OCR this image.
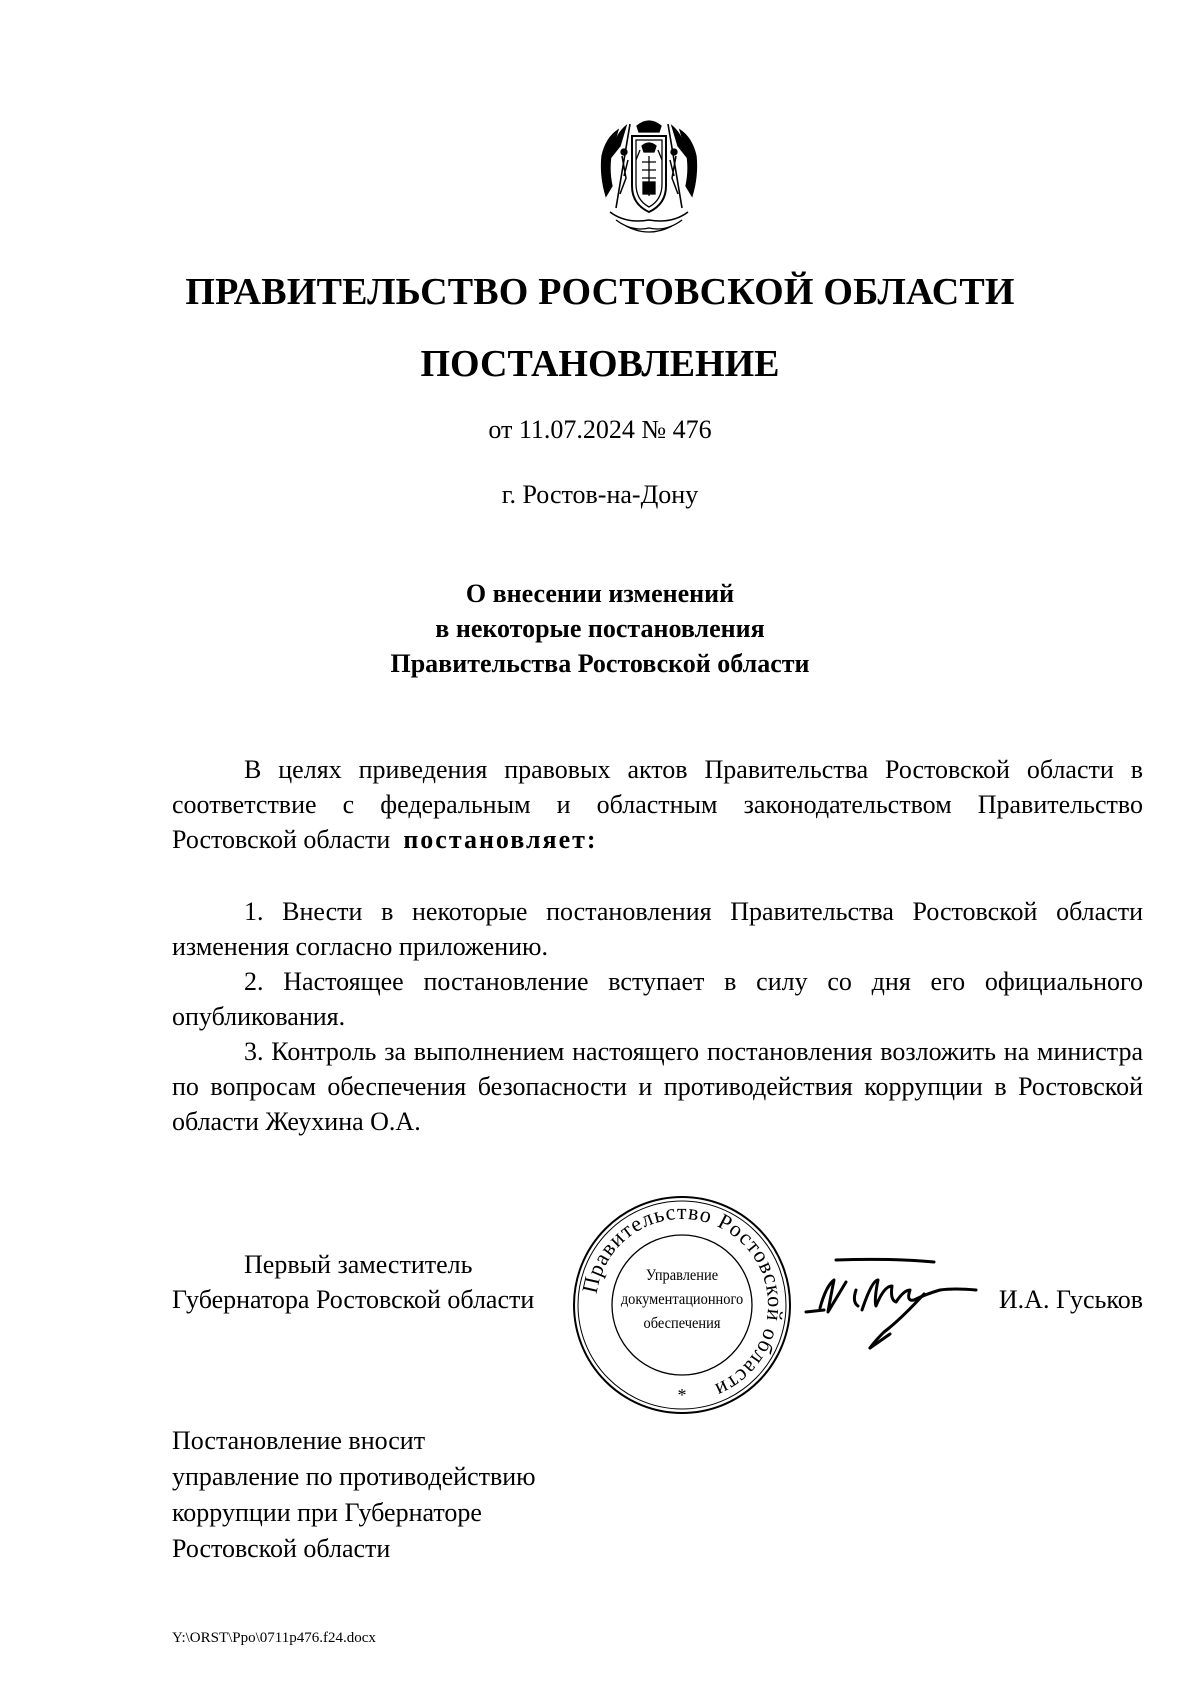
ПРАВИТЕЛЬСТВО РОСТОВСКОЙ ОБЛАСТИ
ПОСТАНОВЛЕНИЕ
от 11.07.2024 № 476
г. Ростов-на-Дону
О внесении изменений
в некоторые постановления
Правительства Ростовской области

В целях приведения правовых актов Правительства Ростовской области в соответствие с федеральным и областным законодательством Правительство Ростовской области постановляет:

1. Внести в некоторые постановления Правительства Ростовской области изменения согласно приложению.

2. Настоящее постановление вступает в силу со дня его официального опубликования.

3. Контроль за выполнением настоящего постановления возложить на министра по вопросам обеспечения безопасности и противодействия коррупции в Ростовской области Жеухина О.А.

Первый заместитель
Губернатора Ростовской области
Правительство Ростовской области
*
Управление
документационного
обеспечения
И.А. Гуськов
Постановление вносит
управление по противодействию
коррупции при Губернаторе
Ростовской области
Y:\ORST\Ppo\0711p476.f24.docx
